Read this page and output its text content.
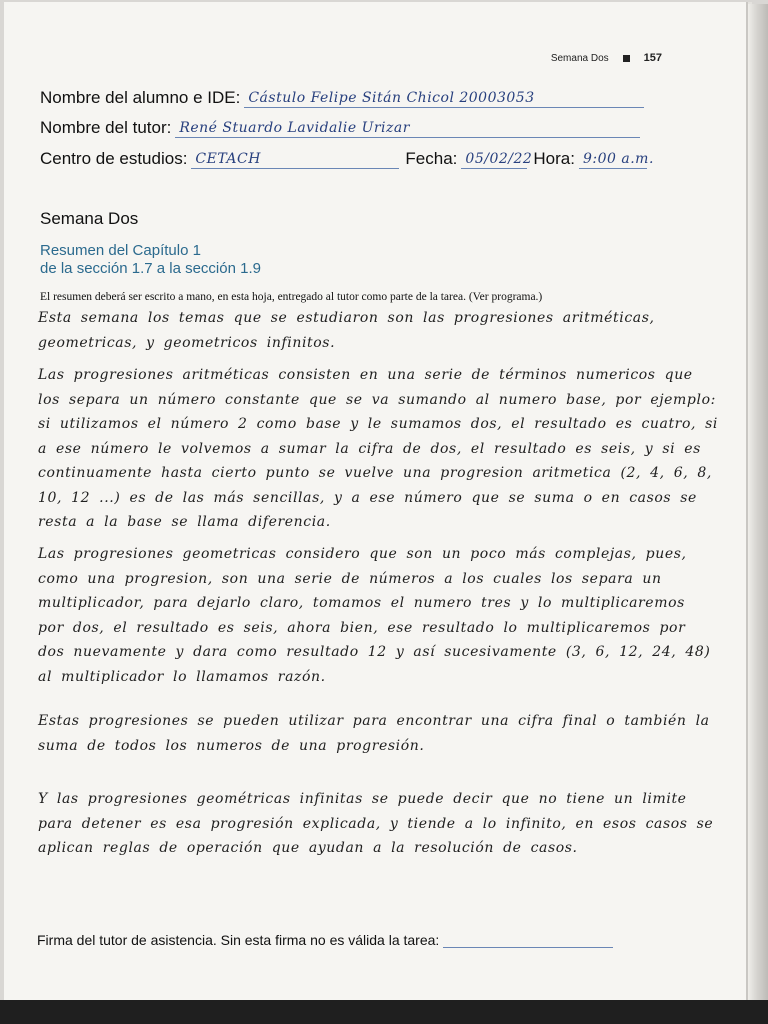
Semana Dos	157
Nombre del alumno e IDE: Cástulo Felipe Sitán Chicol 20003053
Nombre del tutor: René Stuardo Lavidalie Urizar
Centro de estudios: CETACH	Fecha: 05/02/22 Hora: 9:00 a.m.
Semana Dos
Resumen del Capítulo 1
de la sección 1.7 a la sección 1.9
El resumen deberá ser escrito a mano, en esta hoja, entregado al tutor como parte de la tarea. (Ver programa.)
Esta semana los temas que se estudiaron son las progresiones aritméticas, geometricas, y geometricos infinitos.
Las progresiones aritméticas consisten en una serie de términos numericos que los separa un número constante que se va sumando al numero base, por ejemplo: si utilizamos el número 2 como base y le sumamos dos, el resultado es cuatro, si a ese número le volvemos a sumar la cifra de dos, el resultado es seis, y si es continuamente hasta cierto punto se vuelve una progresion aritmetica (2, 4, 6, 8, 10, 12 ...) es de las más sencillas, y a ese número que se suma o en casos se resta a la base se llama diferencia.
Las progresiones geometricas considero que son un poco más complejas, pues, como una progresion, son una serie de números a los cuales los separa un multiplicador, para dejarlo claro, tomamos el numero tres y lo multiplicaremos por dos, el resultado es seis, ahora bien, ese resultado lo multiplicaremos por dos nuevamente y dara como resultado 12 y así sucesivamente (3, 6, 12, 24, 48) al multiplicador lo llamamos razón.
Estas progresiones se pueden utilizar para encontrar una cifra final o también la suma de todos los numeros de una progresión.
Y las progresiones geométricas infinitas se puede decir que no tiene un limite para detener es esa progresión explicada, y tiende a lo infinito, en esos casos se aplican reglas de operación que ayudan a la resolución de casos.
Firma del tutor de asistencia. Sin esta firma no es válida la tarea:
